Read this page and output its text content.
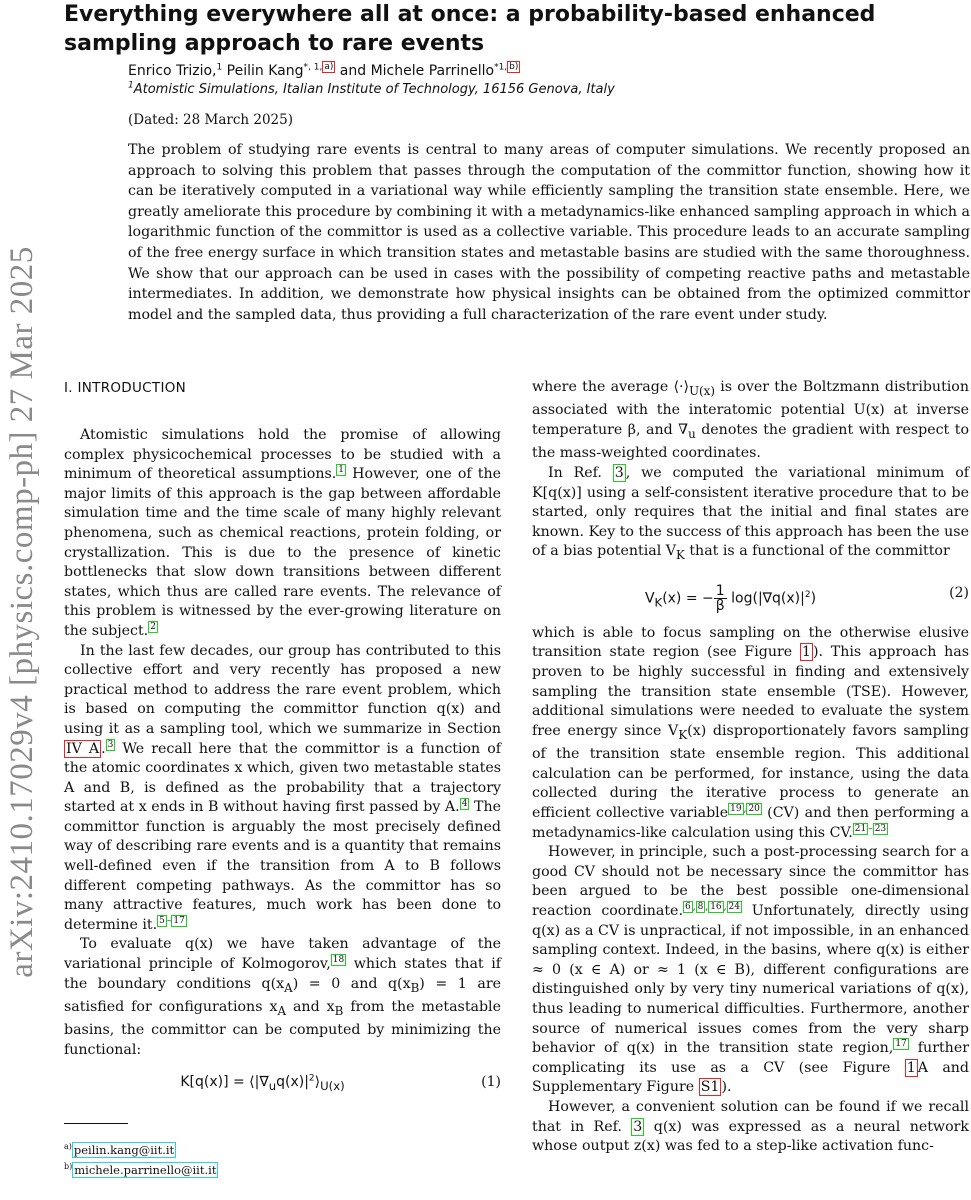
arXiv:2410.17029v4 [physics.comp-ph] 27 Mar 2025
Everything everywhere all at once: a probability-based enhanced sampling approach to rare events
Enrico Trizio,$^1$ Peilin Kang$^{*, 1, a)}$ and Michele Parrinello$^{*1, b)}$
$^1$Atomistic Simulations, Italian Institute of Technology, 16156 Genova, Italy
(Dated: 28 March 2025)
The problem of studying rare events is central to many areas of computer simulations. We recently proposed an approach to solving this problem that passes through the computation of the committor function, showing how it can be iteratively computed in a variational way while efficiently sampling the transition state ensemble. Here, we greatly ameliorate this procedure by combining it with a metadynamics-like enhanced sampling approach in which a logarithmic function of the committor is used as a collective variable. This procedure leads to an accurate sampling of the free energy surface in which transition states and metastable basins are studied with the same thoroughness. We show that our approach can be used in cases with the possibility of competing reactive paths and metastable intermediates. In addition, we demonstrate how physical insights can be obtained from the optimized committor model and the sampled data, thus providing a full characterization of the rare event under study.
I. INTRODUCTION

Atomistic simulations hold the promise of allowing complex physicochemical processes to be studied with a minimum of theoretical assumptions. $^1$ However, one of the major limits of this approach is the gap between affordable simulation time and the time scale of many highly relevant phenomena, such as chemical reactions, protein folding, or crystallization. This is due to the presence of kinetic bottlenecks that slow down transitions between different states, which thus are called rare events. The relevance of this problem is witnessed by the ever-growing literature on the subject. $^2$

In the last few decades, our group has contributed to this collective effort and very recently has proposed a new practical method to address the rare event problem, which is based on computing the committor function q(x) and using it as a sampling tool, which we summarize in Section IV A . $^3$ We recall here that the committor is a function of the atomic coordinates x which, given two metastable states A and B, is defined as the probability that a trajectory started at x ends in B without having first passed by A. $^4$ The committor function is arguably the most precisely defined way of describing rare events and is a quantity that remains well-defined even if the transition from A to B follows different competing pathways. As the committor has so many attractive features, much work has been done to determine it. $^{5 - 17}$

To evaluate q(x) we have taken advantage of the variational principle of Kolmogorov, $^{18}$ which states that if the boundary conditions $q(x_A) = 0$ and $q(x_B) = 1$ are satisfied for configurations $x_A$ and $x_B$ from the metastable basins, the committor can be computed by minimizing the functional:

$K[q(x)] = ⟨|\nabla_uq(x)|^2⟩_{U(x)}$	(1)
$^{a)}$ peilin.kang@iit.it
$^{b)}$ michele.parrinello@iit.it

where the average $⟨\cdot⟩_{U(x)}$ is over the Boltzmann distribution associated with the interatomic potential U(x) at inverse temperature β, and $\nabla_u$ denotes the gradient with respect to the mass-weighted coordinates.

In Ref. 3 , we computed the variational minimum of K[q(x)] using a self-consistent iterative procedure that to be started, only requires that the initial and final states are known. Key to the success of this approach has been the use of a bias potential $V_K$ that is a functional of the committor

$V_K(x)$ = − $\frac{1}{\beta} \log(|\nabla q(x)|^2)$	(2)

which is able to focus sampling on the otherwise elusive transition state region (see Figure 1 ). This approach has proven to be highly successful in finding and extensively sampling the transition state ensemble (TSE). However, additional simulations were needed to evaluate the system free energy since $V_K(x)$ disproportionately favors sampling of the transition state ensemble region. This additional calculation can be performed, for instance, using the data collected during the iterative process to generate an efficient collective variable $^{19 , 20}$ (CV) and then performing a metadynamics-like calculation using this CV. $^{21 - 23}$

However, in principle, such a post-processing search for a good CV should not be necessary since the committor has been argued to be the best possible one-dimensional reaction coordinate. $^{6 , 8 , 16 , 24}$ Unfortunately, directly using q(x) as a CV is unpractical, if not impossible, in an enhanced sampling context. Indeed, in the basins, where q(x) is either ≈ 0 (x ∈ A) or ≈ 1 (x ∈ B), different configurations are distinguished only by very tiny numerical variations of q(x), thus leading to numerical difficulties. Furthermore, another source of numerical issues comes from the very sharp behavior of q(x) in the transition state region, $^{17}$ further complicating its use as a CV (see Figure 1 A and Supplementary Figure S1 ).

However, a convenient solution can be found if we recall that in Ref. 3 q(x) was expressed as a neural network whose output z(x) was fed to a step-like activation func-
